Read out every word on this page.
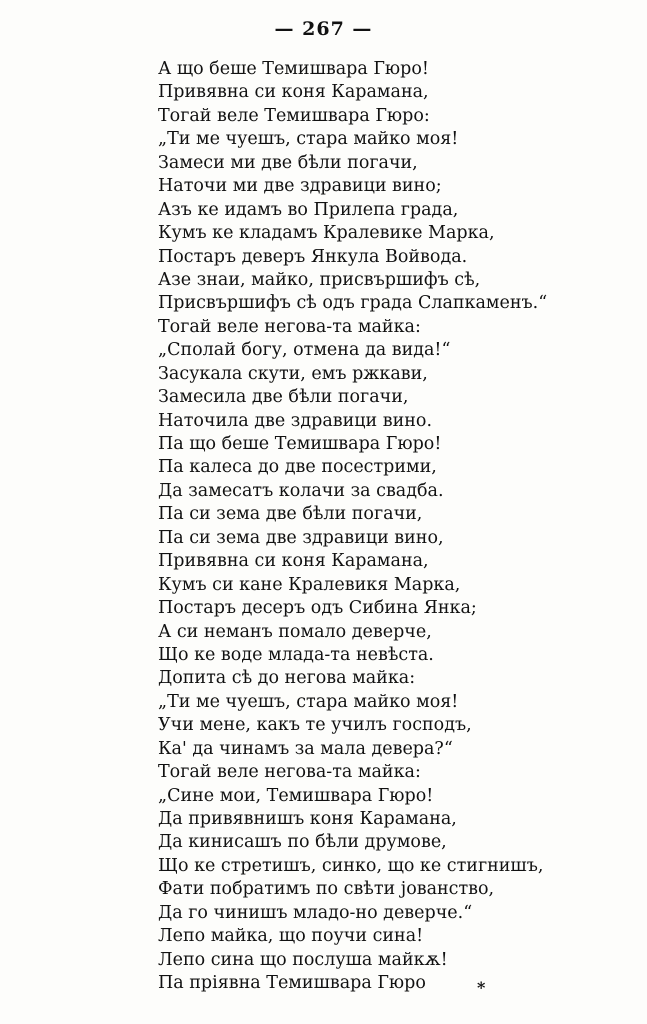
— 267 —
А що беше Темишвара Гюро!
Привявна си коня Карамана,
Тогай веле Темишвара Гюро:
„Ти ме чуешъ, стара майко моя!
Замеси ми две бѣли погачи,
Наточи ми две здравици вино;
Азъ ке идамъ во Прилепа града,
Кумъ ке кладамъ Кралевике Марка,
Постаръ деверъ Янкула Войвода.
Азе знаи, майко, присвършифъ сѣ,
Присвършифъ сѣ одъ града Слапкаменъ.“
Тогай веле негова-та майка:
„Сполай богу, отмена да вида!“
Засукала скути, емъ ржкави,
Замесила две бѣли погачи,
Наточила две здравици вино.
Па що беше Темишвара Гюро!
Па калеса до две посестрими,
Да замесатъ колачи за свадба.
Па си зема две бѣли погачи,
Па си зема две здравици вино,
Привявна си коня Карамана,
Кумъ си кане Кралевикя Марка,
Постаръ десеръ одъ Сибина Янка;
А си неманъ помало деверче,
Що ке воде млада-та невѣста.
Допита сѣ до негова майка:
„Ти ме чуешъ, стара майко моя!
Учи мене, какъ те училъ господъ,
Ка' да чинамъ за мала девера?“
Тогай веле негова-та майка:
„Сине мои, Темишвара Гюро!
Да привявнишъ коня Карамана,
Да кинисашъ по бѣли друмове,
Що ке стретишъ, синко, що ке стигнишъ,
Фати побратимъ по свѣти јованство,
Да го чинишъ младо-но деверче.“
Лепо майка, що поучи сина!
Лепо сина що послуша майкѫ!
Па прiявна Темишвара Гюро	*
